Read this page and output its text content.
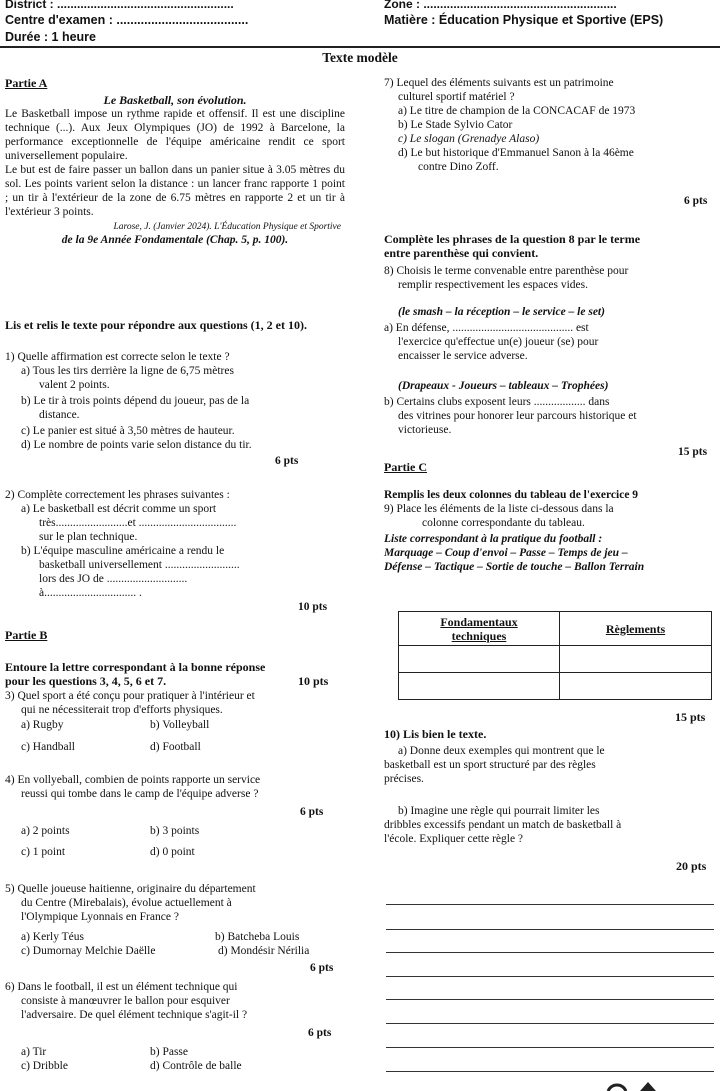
District : .....................................................	Zone : ..........................................................
Centre d'examen : ......................................	Matière : Éducation Physique et Sportive (EPS)
Durée : 1 heure
Texte modèle
Partie A
Le Basketball, son évolution.
Le Basketball impose un rythme rapide et offensif. Il est une discipline technique (...). Aux Jeux Olympiques (JO) de 1992 à Barcelone, la performance exceptionnelle de l'équipe américaine rendit ce sport universellement populaire.
Le but est de faire passer un ballon dans un panier situe à 3.05 mètres du sol. Les points varient selon la distance : un lancer franc rapporte 1 point ; un tir à l'extérieur de la zone de 6.75 mètres en rapporte 2 et un tir à l'extérieur 3 points.
Larose, J. (Janvier 2024). L'Éducation Physique et Sportive
de la 9e Année Fondamentale (Chap. 5, p. 100).
Lis et relis le texte pour répondre aux questions (1, 2 et 10).
1) Quelle affirmation est correcte selon le texte ?
a) Tous les tirs derrière la ligne de 6,75 mètres
valent 2 points.
b) Le tir à trois points dépend du joueur, pas de la
distance.
c) Le panier est situé à 3,50 mètres de hauteur.
d) Le nombre de points varie selon distance du tir.
6 pts
2) Complète correctement les phrases suivantes :
a) Le basketball est décrit comme un sport
très.........................et ..................................
sur le plan technique.
b) L'équipe masculine américaine a rendu le
basketball universellement ..........................
lors des JO de ............................
à................................ .
10 pts
Partie B
Entoure la lettre correspondant à la bonne réponse
pour les questions 3, 4, 5, 6 et 7.	10 pts
3) Quel sport a été conçu pour pratiquer à l'intérieur et
qui ne nécessiterait trop d'efforts physiques.
a) Rugby	b) Volleyball
c) Handball	d) Football
4) En vollyeball, combien de points rapporte un service
reussi qui tombe dans le camp de l'équipe adverse ?
6 pts
a) 2 points	b) 3 points
c) 1 point	d) 0 point
5) Quelle joueuse haitienne, originaire du département
du Centre (Mirebalais), évolue actuellement à
l'Olympique Lyonnais en France ?
a) Kerly Téus	b) Batcheba Louis
c) Dumornay Melchie Daëlle	d) Mondésir Nérilia
6 pts
6) Dans le football, il est un élément technique qui
consiste à manœuvrer le ballon pour esquiver
l'adversaire. De quel élément technique s'agit-il ?
6 pts
a) Tir	b) Passe
c) Dribble	d) Contrôle de balle
7) Lequel des éléments suivants est un patrimoine
culturel sportif matériel ?
a) Le titre de champion de la CONCACAF de 1973
b) Le Stade Sylvio Cator
c) Le slogan (Grenadye Alaso)
d) Le but historique d'Emmanuel Sanon à la 46ème
contre Dino Zoff.
6 pts
Complète les phrases de la question 8 par le terme
entre parenthèse qui convient.
8) Choisis le terme convenable entre parenthèse pour
remplir respectivement les espaces vides.
(le smash – la réception – le service – le set)
a) En défense, .......................................... est
l'exercice qu'effectue un(e) joueur (se) pour
encaisser le service adverse.
(Drapeaux - Joueurs – tableaux – Trophées)
b) Certains clubs exposent leurs .................. dans
des vitrines pour honorer leur parcours historique et
victorieuse.
15 pts
Partie C
Remplis les deux colonnes du tableau de l'exercice 9
9) Place les éléments de la liste ci-dessous dans la
colonne correspondante du tableau.
Liste correspondant à la pratique du football :
Marquage – Coup d'envoi – Passe – Temps de jeu –
Défense – Tactique – Sortie de touche – Ballon Terrain
Fondamentaux
techniques	Règlements

15 pts
10) Lis bien le texte.
a) Donne deux exemples qui montrent que le
basketball est un sport structuré par des règles
précises.
b) Imagine une règle qui pourrait limiter les
dribbles excessifs pendant un match de basketball à
l'école. Expliquer cette règle ?
20 pts
